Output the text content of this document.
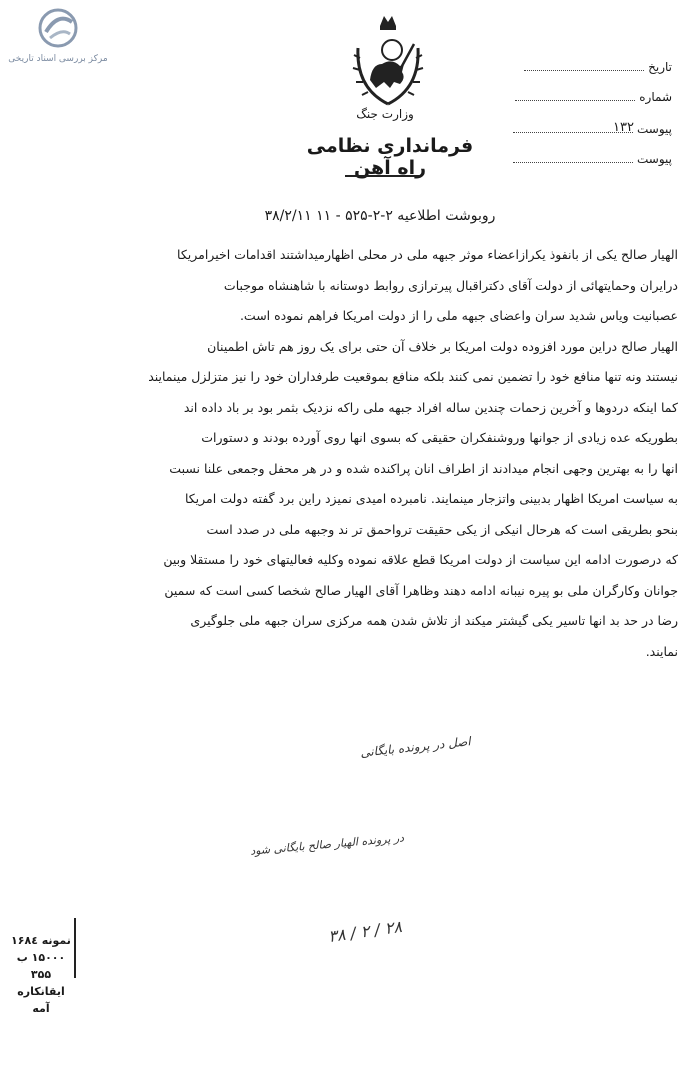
مرکز بررسی اسناد تاریخی
وزارت جنگ
فرمانداری نظامی راه آهن
تاریخ
شماره
پیوست
۱۳۲
پیوست
روبوشت اطلاعیه ۲-۲-۵۲۵ - ۱۱ ۳۸/۲/۱۱

الهیار صالح یکی از بانفوذ یکرازاعضاء موثر جبهه ملی در محلی اظهارمیداشتند اقدامات اخیرامریکا

درایران وحمایتهائی از دولت آقای دکتراقبال پیرترازی روابط دوستانه با شاهنشاه موجبات

عصبانیت ویاس شدید سران واعضای جبهه ملی را از دولت امریکا فراهم نموده است.

الهیار صالح دراین مورد افزوده دولت امریکا بر خلاف آن حتی برای یک روز هم تاش اطمینان

نیستند ونه تنها منافع خود را تضمین نمی کنند بلکه منافع بموقعیت طرفداران خود را نیز متزلزل مینمایند

کما اینکه دردوها و آخرین زحمات چندین ساله افراد جبهه ملی راکه نزدیک بثمر بود بر باد داده اند

بطوریکه عده زیادی از جوانها وروشنفکران حقیقی که بسوی انها روی آورده بودند و دستورات

انها را به بهترین وجهی انجام میدادند از اطراف انان پراکنده شده و در هر محفل وجمعی علنا نسبت

به سیاست امریکا اظهار بدبینی واتزجار مینمایند. نامبرده امیدی نمیزد راین برد گفته دولت امریکا

بنحو بطریقی است که هرحال انیکی از یکی حقیقت ترواحمق تر ند وجبهه ملی در صدد است

که درصورت ادامه این سیاست از دولت امریکا قطع علاقه نموده وکلیه فعالیتهای خود را مستقلا وبین

جوانان وکارگران ملی بو پیره نیبانه ادامه دهند وظاهرا آقای الهیار صالح شخصا کسی است که سمین

رضا در حد بد انها تاسیر یکی گیشتر میکند از تلاش شدن همه مرکزی سران جبهه ملی جلوگیری

نمایند.

اصل در پرونده بایگانی
در پرونده الهیار صالح بایگانی شود
۲۸ / ۲ / ۳۸
نمونه ۱۶۸٤
۱۵۰۰۰ ب
۳۵۵
ایقانکاره آمه
